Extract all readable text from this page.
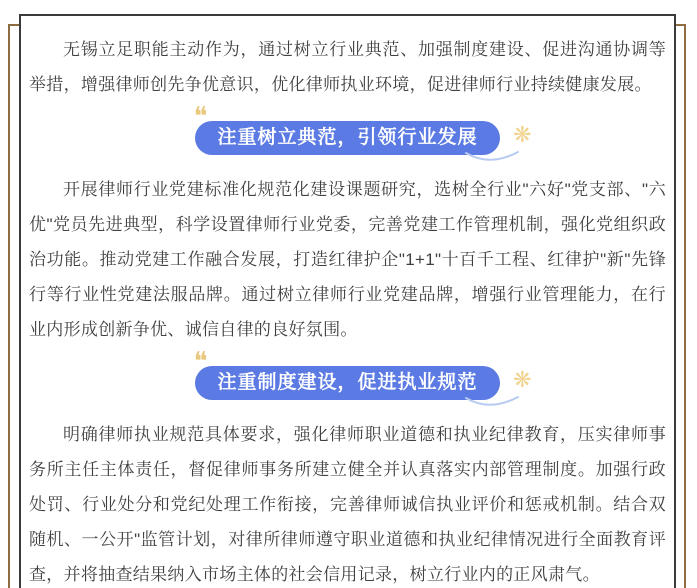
无锡立足职能主动作为，通过树立行业典范、加强制度建设、促进沟通协调等举措，增强律师创先争优意识，优化律师执业环境，促进律师行业持续健康发展。

❝
注重树立典范，引领行业发展 ❋

开展律师行业党建标准化规范化建设课题研究，选树全行业"六好"党支部、"六优"党员先进典型，科学设置律师行业党委，完善党建工作管理机制，强化党组织政治功能。推动党建工作融合发展，打造红律护企"1+1"十百千工程、红律护"新"先锋行等行业性党建法服品牌。通过树立律师行业党建品牌，增强行业管理能力，在行业内形成创新争优、诚信自律的良好氛围。

❝
注重制度建设，促进执业规范 ❋

明确律师执业规范具体要求，强化律师职业道德和执业纪律教育，压实律师事务所主任主体责任，督促律师事务所建立健全并认真落实内部管理制度。加强行政处罚、行业处分和党纪处理工作衔接，完善律师诚信执业评价和惩戒机制。结合双随机、一公开"监管计划，对律所律师遵守职业道德和执业纪律情况进行全面教育评查，并将抽查结果纳入市场主体的社会信用记录，树立行业内的正风肃气。
